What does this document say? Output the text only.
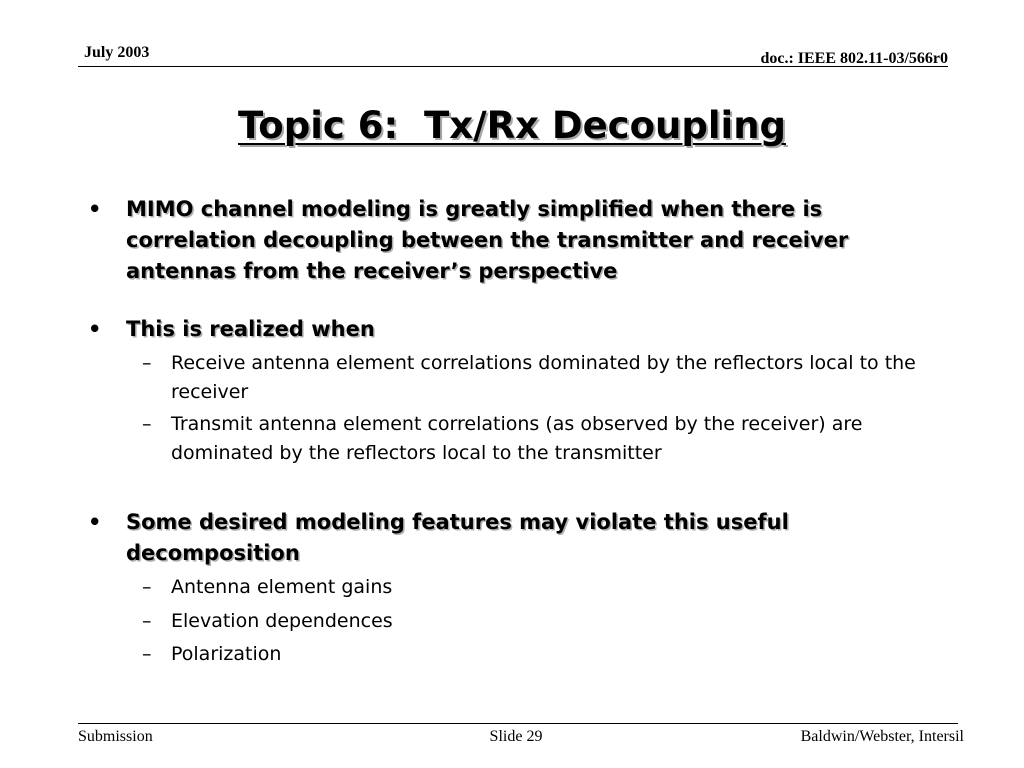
July 2003	doc.: IEEE 802.11-03/566r0
Topic 6:  Tx/Rx Decoupling
• MIMO channel modeling is greatly simplified when there is correlation decoupling between the transmitter and receiver antennas from the receiver’s perspective
• This is realized when
– Receive antenna element correlations dominated by the reflectors local to the receiver
– Transmit antenna element correlations (as observed by the receiver) are dominated by the reflectors local to the transmitter
• Some desired modeling features may violate this useful decomposition
– Antenna element gains
– Elevation dependences
– Polarization
Submission	Slide 29	Baldwin/Webster, Intersil
